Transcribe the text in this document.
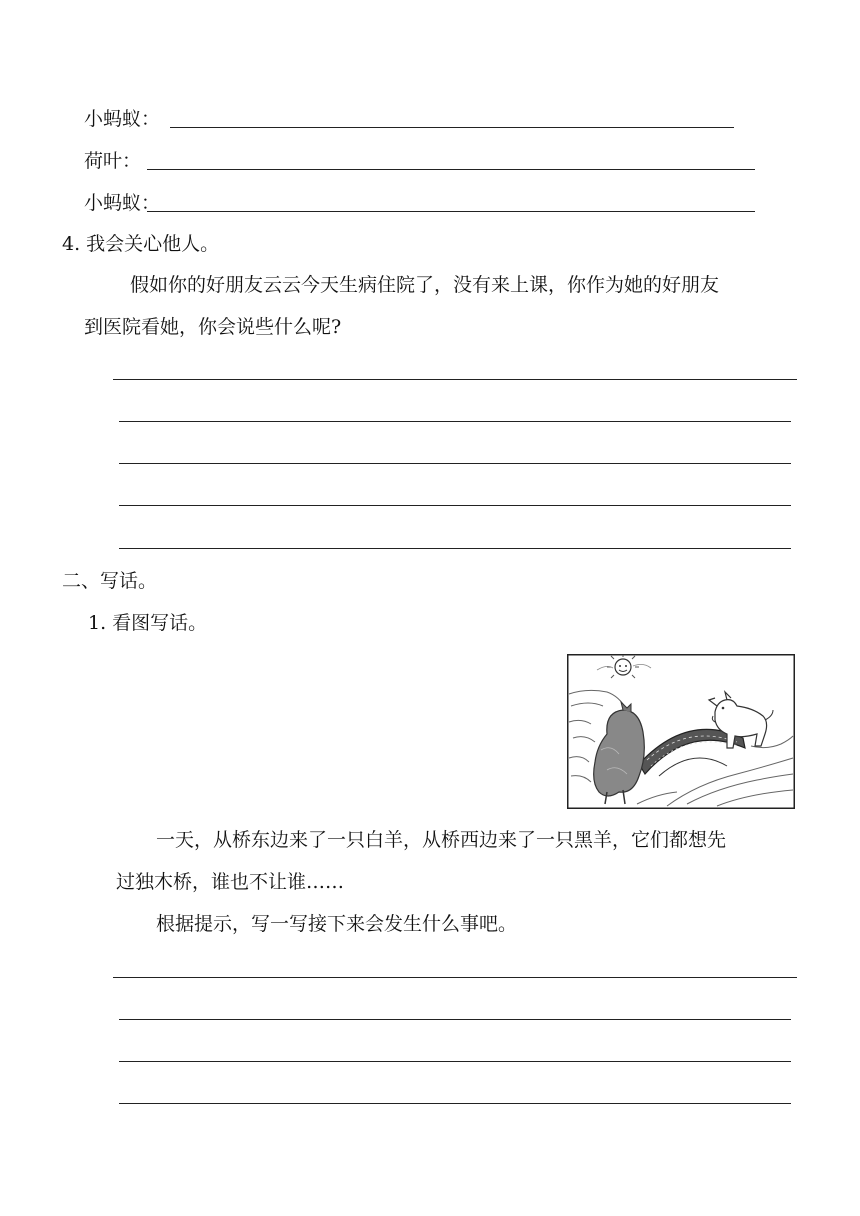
小蚂蚁：
荷叶：
小蚂蚁：
4. 我会关心他人。
假如你的好朋友云云今天生病住院了，没有来上课，你作为她的好朋友
到医院看她，你会说些什么呢?
二、写话。
1. 看图写话。
一天，从桥东边来了一只白羊，从桥西边来了一只黑羊，它们都想先
过独木桥，谁也不让谁……
根据提示，写一写接下来会发生什么事吧。
